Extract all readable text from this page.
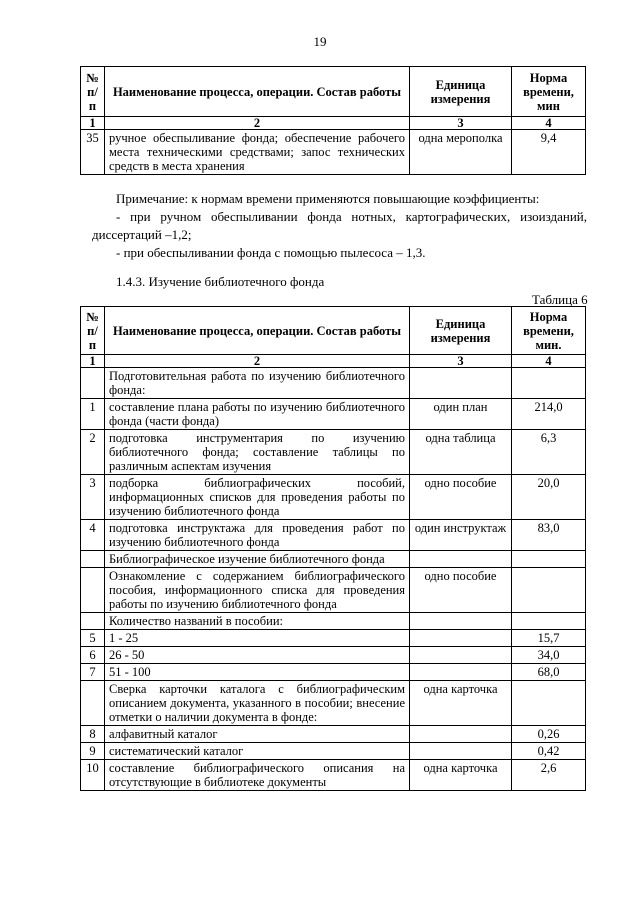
19
№ п/п	Наименование процесса, операции. Состав работы	Единица измерения	Норма времени, мин
1	2	3	4
35	ручное обеспыливание фонда; обеспечение рабочего места техническими средствами; запос технических средств в места хранения	одна мерополка	9,4
Примечание: к нормам времени применяются повышающие коэффициенты:
- при ручном обеспыливании фонда нотных, картографических, изоизданий, диссертаций –1,2;
- при обеспыливании фонда с помощью пылесоса – 1,3.
1.4.3. Изучение библиотечного фонда
Таблица 6
№ п/п	Наименование процесса, операции. Состав работы	Единица измерения	Норма времени, мин.
1	2	3	4
	Подготовительная работа по изучению библиотечного фонда:		
1	составление плана работы по изучению библиотечного фонда (части фонда)	один план	214,0
2	подготовка инструментария по изучению библиотечного фонда; составление таблицы по различным аспектам изучения	одна таблица	6,3
3	подборка библиографических пособий, информационных списков для проведения работы по изучению библиотечного фонда	одно пособие	20,0
4	подготовка инструктажа для проведения работ по изучению библиотечного фонда	один инструктаж	83,0
	Библиографическое изучение библиотечного фонда		
	Ознакомление с содержанием библиографического пособия, информационного списка для проведения работы по изучению библиотечного фонда	одно пособие	
	Количество названий в пособии:		
5	1 - 25		15,7
6	26 - 50		34,0
7	51 - 100		68,0
	Сверка карточки каталога с библиографическим описанием документа, указанного в пособии; внесение отметки о наличии документа в фонде:	одна карточка	
8	алфавитный каталог		0,26
9	систематический каталог		0,42
10	составление библиографического описания на отсутствующие в библиотеке документы	одна карточка	2,6
